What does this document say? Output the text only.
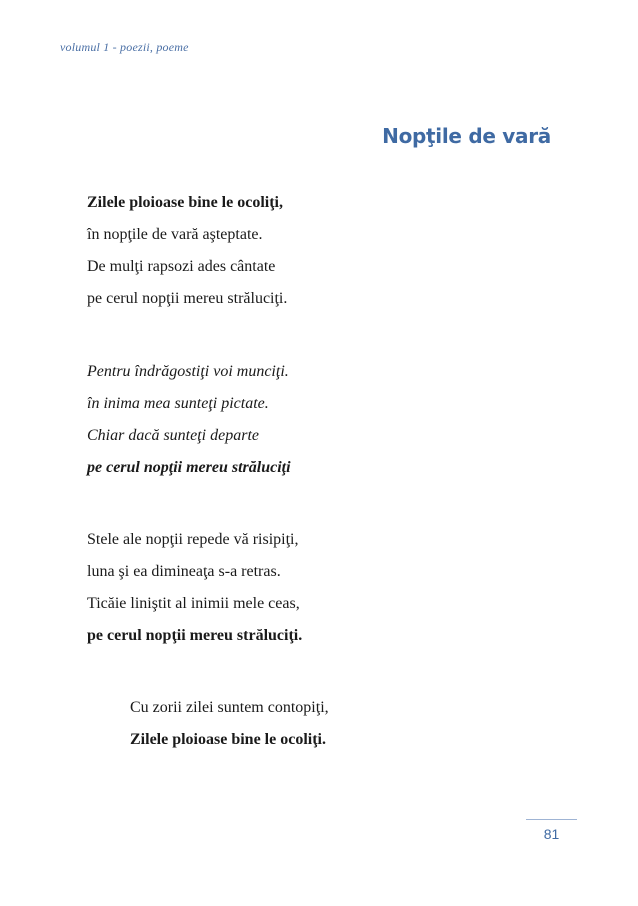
volumul 1 - poezii, poeme
Nopţile de vară
Zilele ploioase bine le ocoliţi,
în nopţile de vară aşteptate.
De mulţi rapsozi ades cântate
pe cerul nopţii mereu străluciţi.
Pentru îndrăgostiţi voi munciţi.
în inima mea sunteţi pictate.
Chiar dacă sunteţi departe
pe cerul nopţii mereu străluciţi
Stele ale nopţii repede vă risipiţi,
luna şi ea dimineaţa s-a retras.
Ticăie liniştit al inimii mele ceas,
pe cerul nopţii mereu străluciţi.
Cu zorii zilei suntem contopiţi,
Zilele ploioase bine le ocoliţi.
81
